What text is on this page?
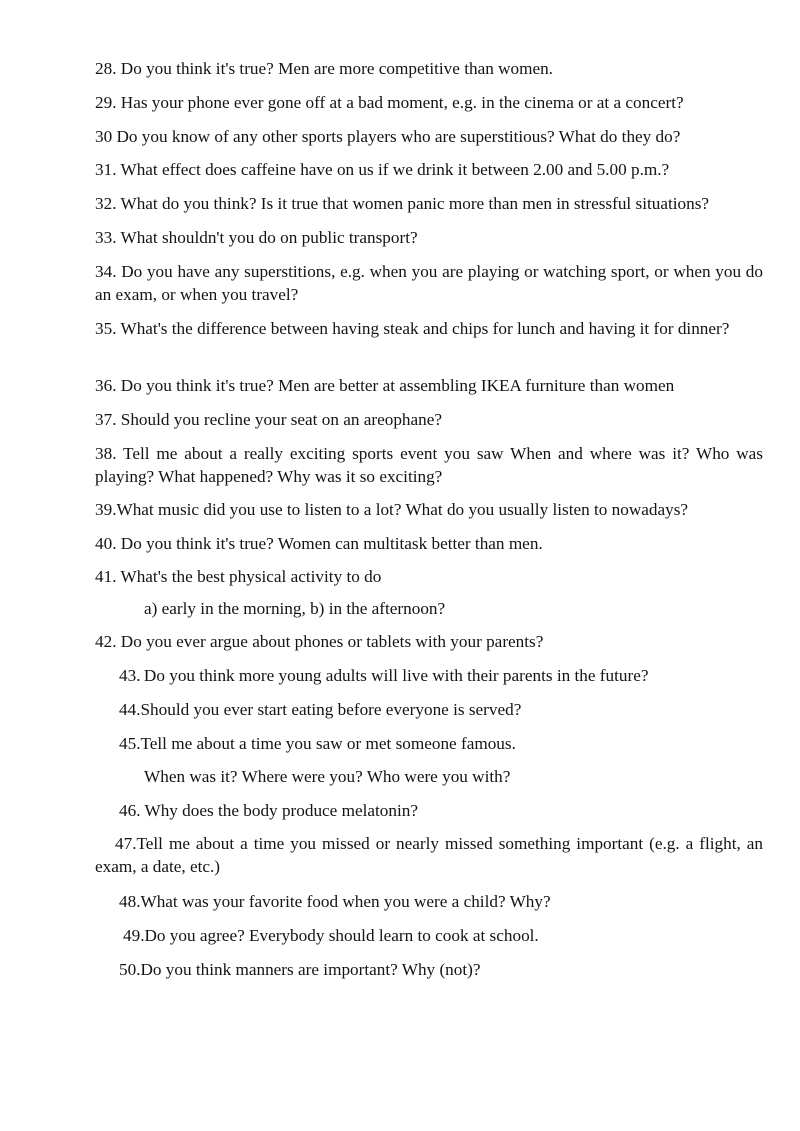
28. Do you think it's true? Men are more competitive than women.

29. Has your phone ever gone off at a bad moment, e.g. in the cinema or at a concert?

30 Do you know of any other sports players who are superstitious? What do they do?

31. What effect does caffeine have on us if we drink it between 2.00 and 5.00 p.m.?

32. What do you think? Is it true that women panic more than men in stressful situations?

33. What shouldn't you do on public transport?

34. Do you have any superstitions, e.g. when you are playing or watching sport, or when you do an exam, or when you travel?

35. What's the difference between having steak and chips for lunch and having it for dinner?

36. Do you think it's true? Men are better at assembling IKEA furniture than women

37. Should you recline your seat on an areophane?

38. Tell me about a really exciting sports event you saw When and where was it? Who was playing? What happened? Why was it so exciting?

39.What music did you use to listen to a lot? What do you usually listen to nowadays?

40. Do you think it's true? Women can multitask better than men.

41. What's the best physical activity to do

a) early in the morning, b) in the afternoon?

42. Do you ever argue about phones or tablets with your parents?

43. Do you think more young adults will live with their parents in the future?

44.Should you ever start eating before everyone is served?

45.Tell me about a time you saw or met someone famous.

When was it? Where were you? Who were you with?

46. Why does the body produce melatonin?

47.Tell me about a time you missed or nearly missed something important (e.g. a flight, an exam, a date, etc.)

48.What was your favorite food when you were a child? Why?

49.Do you agree? Everybody should learn to cook at school.

50.Do you think manners are important? Why (not)?
